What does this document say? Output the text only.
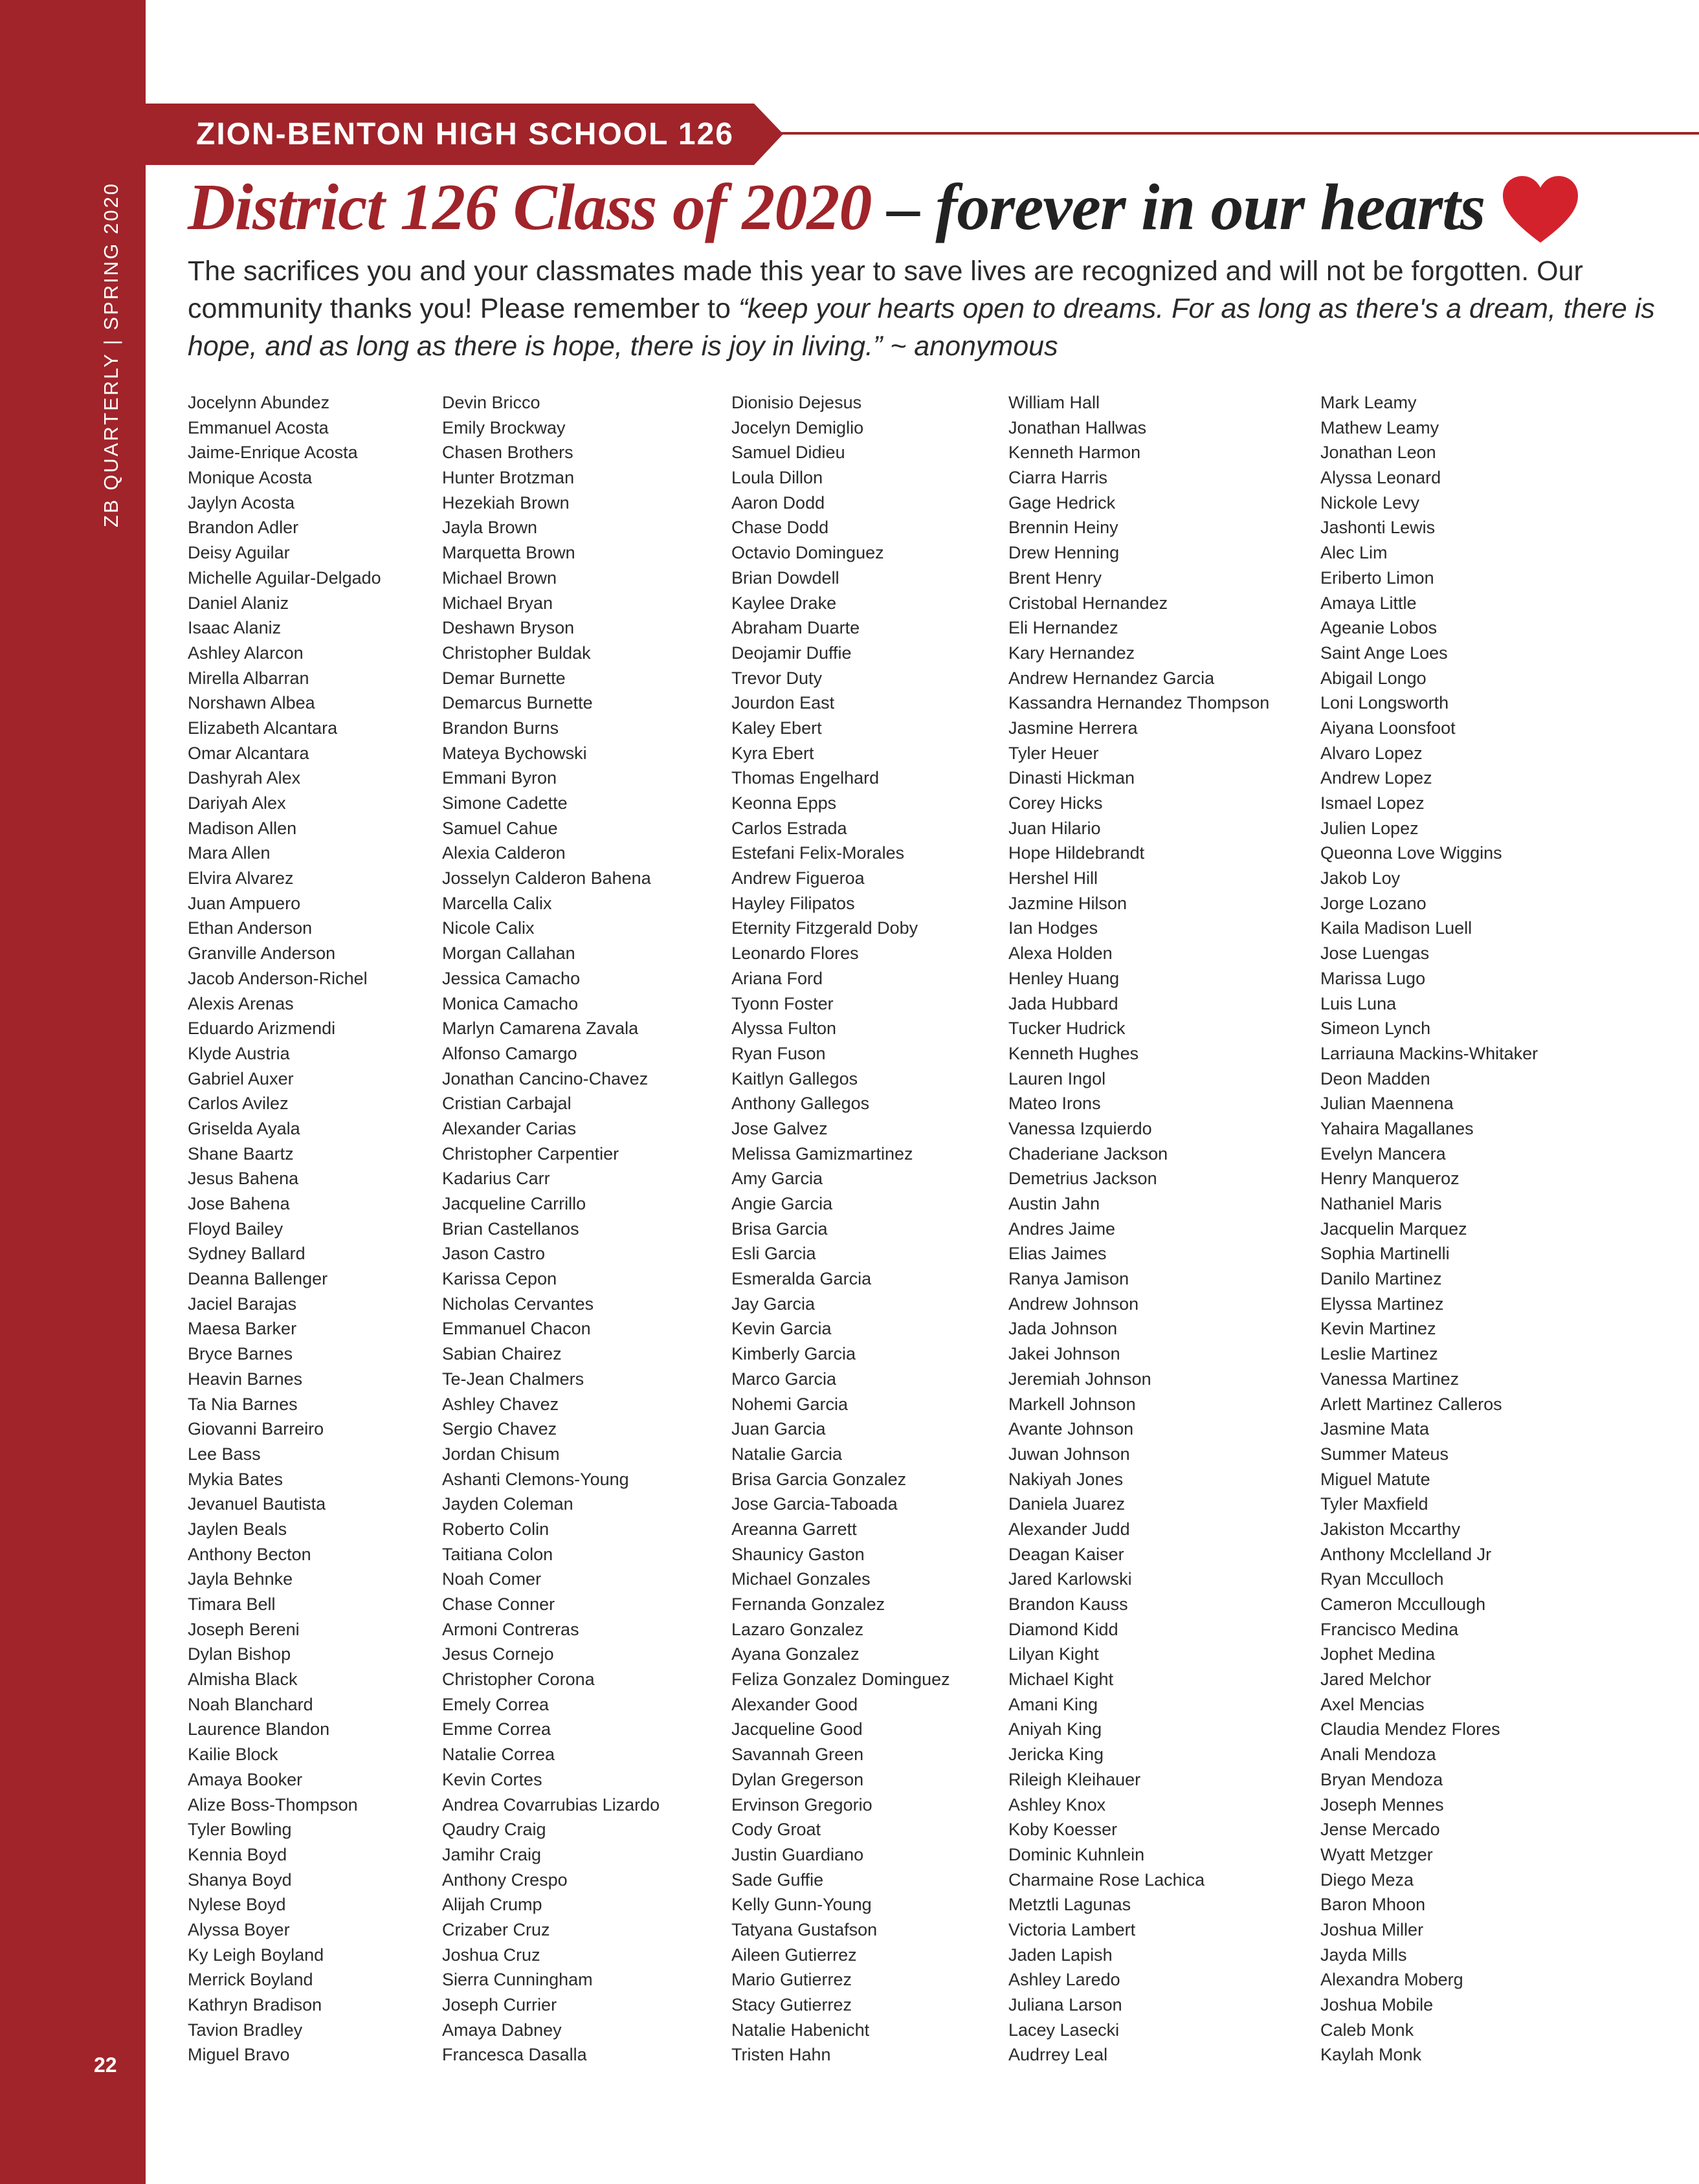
ZB QUARTERLY | SPRING 2020
22
ZION-BENTON HIGH SCHOOL 126
District 126 Class of 2020 – forever in our hearts
The sacrifices you and your classmates made this year to save lives are recognized and will not be forgotten. Our community thanks you! Please remember to “keep your hearts open to dreams. For as long as there's a dream, there is hope, and as long as there is hope, there is joy in living.” ~ anonymous
Jocelynn Abundez
Emmanuel Acosta
Jaime-Enrique Acosta
Monique Acosta
Jaylyn Acosta
Brandon Adler
Deisy Aguilar
Michelle Aguilar-Delgado
Daniel Alaniz
Isaac Alaniz
Ashley Alarcon
Mirella Albarran
Norshawn Albea
Elizabeth Alcantara
Omar Alcantara
Dashyrah Alex
Dariyah Alex
Madison Allen
Mara Allen
Elvira Alvarez
Juan Ampuero
Ethan Anderson
Granville Anderson
Jacob Anderson-Richel
Alexis Arenas
Eduardo Arizmendi
Klyde Austria
Gabriel Auxer
Carlos Avilez
Griselda Ayala
Shane Baartz
Jesus Bahena
Jose Bahena
Floyd Bailey
Sydney Ballard
Deanna Ballenger
Jaciel Barajas
Maesa Barker
Bryce Barnes
Heavin Barnes
Ta Nia Barnes
Giovanni Barreiro
Lee Bass
Mykia Bates
Jevanuel Bautista
Jaylen Beals
Anthony Becton
Jayla Behnke
Timara Bell
Joseph Bereni
Dylan Bishop
Almisha Black
Noah Blanchard
Laurence Blandon
Kailie Block
Amaya Booker
Alize Boss-Thompson
Tyler Bowling
Kennia Boyd
Shanya Boyd
Nylese Boyd
Alyssa Boyer
Ky Leigh Boyland
Merrick Boyland
Kathryn Bradison
Tavion Bradley
Miguel Bravo
Devin Bricco
Emily Brockway
Chasen Brothers
Hunter Brotzman
Hezekiah Brown
Jayla Brown
Marquetta Brown
Michael Brown
Michael Bryan
Deshawn Bryson
Christopher Buldak
Demar Burnette
Demarcus Burnette
Brandon Burns
Mateya Bychowski
Emmani Byron
Simone Cadette
Samuel Cahue
Alexia Calderon
Josselyn Calderon Bahena
Marcella Calix
Nicole Calix
Morgan Callahan
Jessica Camacho
Monica Camacho
Marlyn Camarena Zavala
Alfonso Camargo
Jonathan Cancino-Chavez
Cristian Carbajal
Alexander Carias
Christopher Carpentier
Kadarius Carr
Jacqueline Carrillo
Brian Castellanos
Jason Castro
Karissa Cepon
Nicholas Cervantes
Emmanuel Chacon
Sabian Chairez
Te-Jean Chalmers
Ashley Chavez
Sergio Chavez
Jordan Chisum
Ashanti Clemons-Young
Jayden Coleman
Roberto Colin
Taitiana Colon
Noah Comer
Chase Conner
Armoni Contreras
Jesus Cornejo
Christopher Corona
Emely Correa
Emme Correa
Natalie Correa
Kevin Cortes
Andrea Covarrubias Lizardo
Qaudry Craig
Jamihr Craig
Anthony Crespo
Alijah Crump
Crizaber Cruz
Joshua Cruz
Sierra Cunningham
Joseph Currier
Amaya Dabney
Francesca Dasalla
Dionisio Dejesus
Jocelyn Demiglio
Samuel Didieu
Loula Dillon
Aaron Dodd
Chase Dodd
Octavio Dominguez
Brian Dowdell
Kaylee Drake
Abraham Duarte
Deojamir Duffie
Trevor Duty
Jourdon East
Kaley Ebert
Kyra Ebert
Thomas Engelhard
Keonna Epps
Carlos Estrada
Estefani Felix-Morales
Andrew Figueroa
Hayley Filipatos
Eternity Fitzgerald Doby
Leonardo Flores
Ariana Ford
Tyonn Foster
Alyssa Fulton
Ryan Fuson
Kaitlyn Gallegos
Anthony Gallegos
Jose Galvez
Melissa Gamizmartinez
Amy Garcia
Angie Garcia
Brisa Garcia
Esli Garcia
Esmeralda Garcia
Jay Garcia
Kevin Garcia
Kimberly Garcia
Marco Garcia
Nohemi Garcia
Juan Garcia
Natalie Garcia
Brisa Garcia Gonzalez
Jose Garcia-Taboada
Areanna Garrett
Shaunicy Gaston
Michael Gonzales
Fernanda Gonzalez
Lazaro Gonzalez
Ayana Gonzalez
Feliza Gonzalez Dominguez
Alexander Good
Jacqueline Good
Savannah Green
Dylan Gregerson
Ervinson Gregorio
Cody Groat
Justin Guardiano
Sade Guffie
Kelly Gunn-Young
Tatyana Gustafson
Aileen Gutierrez
Mario Gutierrez
Stacy Gutierrez
Natalie Habenicht
Tristen Hahn
William Hall
Jonathan Hallwas
Kenneth Harmon
Ciarra Harris
Gage Hedrick
Brennin Heiny
Drew Henning
Brent Henry
Cristobal Hernandez
Eli Hernandez
Kary Hernandez
Andrew Hernandez Garcia
Kassandra Hernandez Thompson
Jasmine Herrera
Tyler Heuer
Dinasti Hickman
Corey Hicks
Juan Hilario
Hope Hildebrandt
Hershel Hill
Jazmine Hilson
Ian Hodges
Alexa Holden
Henley Huang
Jada Hubbard
Tucker Hudrick
Kenneth Hughes
Lauren Ingol
Mateo Irons
Vanessa Izquierdo
Chaderiane Jackson
Demetrius Jackson
Austin Jahn
Andres Jaime
Elias Jaimes
Ranya Jamison
Andrew Johnson
Jada Johnson
Jakei Johnson
Jeremiah Johnson
Markell Johnson
Avante Johnson
Juwan Johnson
Nakiyah Jones
Daniela Juarez
Alexander Judd
Deagan Kaiser
Jared Karlowski
Brandon Kauss
Diamond Kidd
Lilyan Kight
Michael Kight
Amani King
Aniyah King
Jericka King
Rileigh Kleihauer
Ashley Knox
Koby Koesser
Dominic Kuhnlein
Charmaine Rose Lachica
Metztli Lagunas
Victoria Lambert
Jaden Lapish
Ashley Laredo
Juliana Larson
Lacey Lasecki
Audrrey Leal
Mark Leamy
Mathew Leamy
Jonathan Leon
Alyssa Leonard
Nickole Levy
Jashonti Lewis
Alec Lim
Eriberto Limon
Amaya Little
Ageanie Lobos
Saint Ange Loes
Abigail Longo
Loni Longsworth
Aiyana Loonsfoot
Alvaro Lopez
Andrew Lopez
Ismael Lopez
Julien Lopez
Queonna Love Wiggins
Jakob Loy
Jorge Lozano
Kaila Madison Luell
Jose Luengas
Marissa Lugo
Luis Luna
Simeon Lynch
Larriauna Mackins-Whitaker
Deon Madden
Julian Maennena
Yahaira Magallanes
Evelyn Mancera
Henry Manqueroz
Nathaniel Maris
Jacquelin Marquez
Sophia Martinelli
Danilo Martinez
Elyssa Martinez
Kevin Martinez
Leslie Martinez
Vanessa Martinez
Arlett Martinez Calleros
Jasmine Mata
Summer Mateus
Miguel Matute
Tyler Maxfield
Jakiston Mccarthy
Anthony Mcclelland Jr
Ryan Mcculloch
Cameron Mccullough
Francisco Medina
Jophet Medina
Jared Melchor
Axel Mencias
Claudia Mendez Flores
Anali Mendoza
Bryan Mendoza
Joseph Mennes
Jense Mercado
Wyatt Metzger
Diego Meza
Baron Mhoon
Joshua Miller
Jayda Mills
Alexandra Moberg
Joshua Mobile
Caleb Monk
Kaylah Monk
